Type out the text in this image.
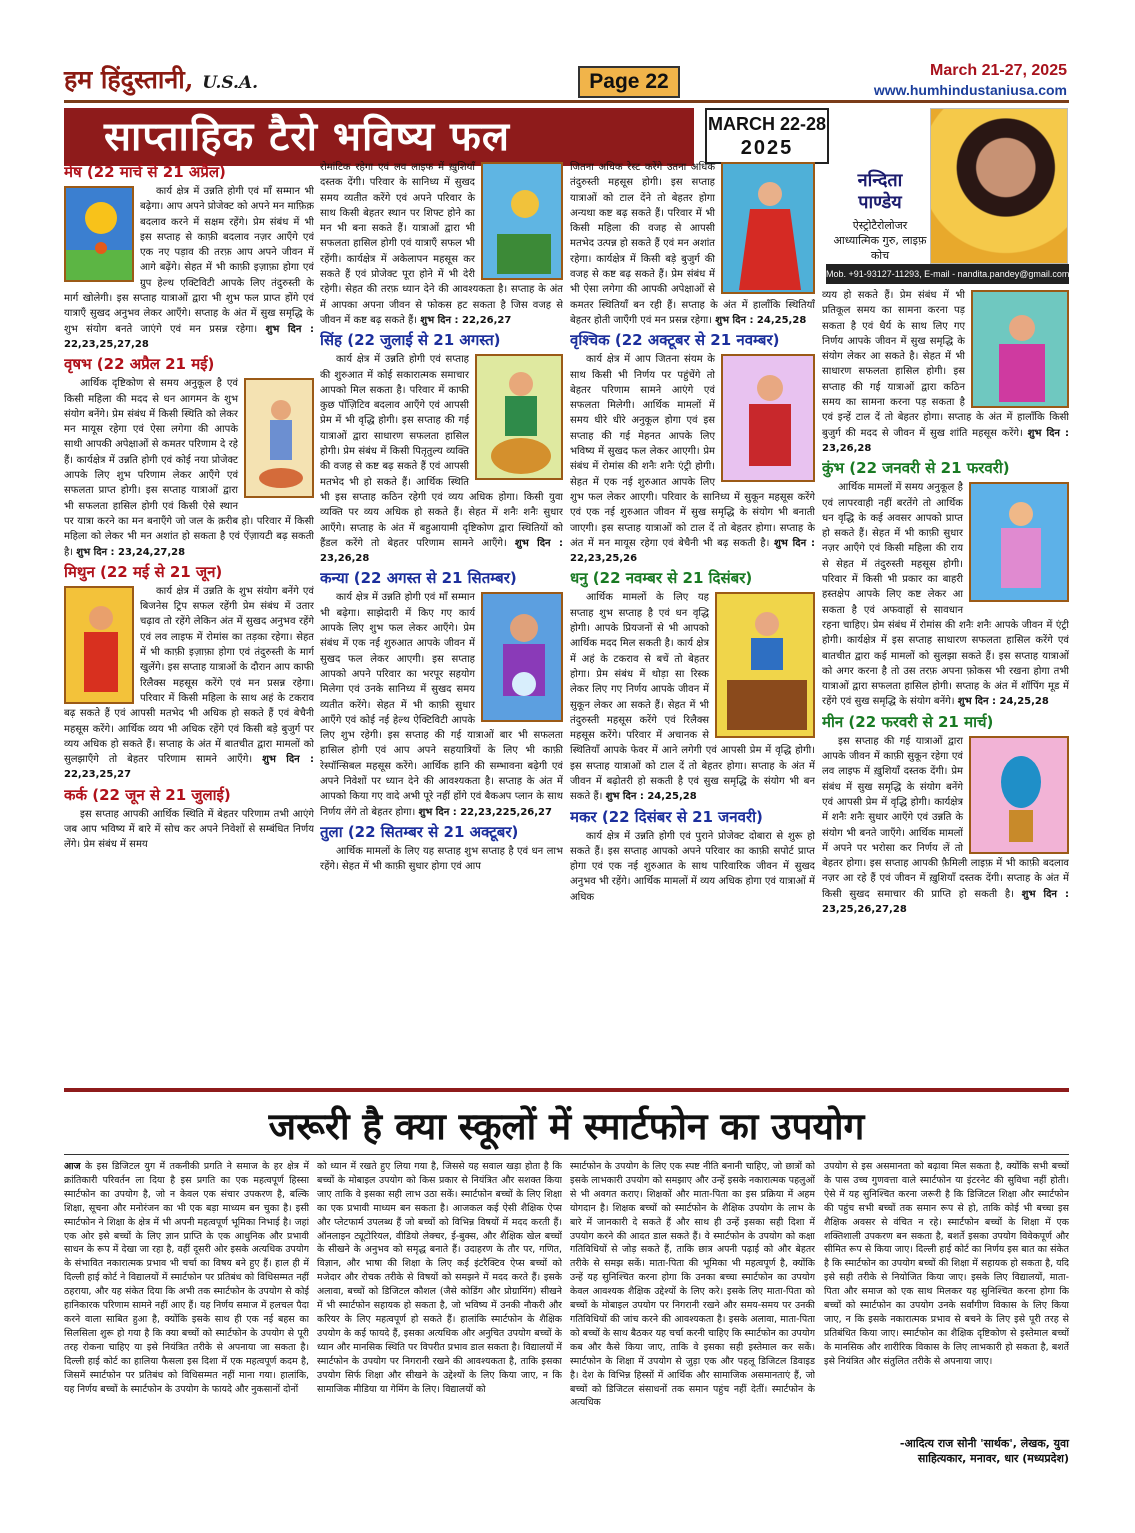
हम हिंदुस्तानी, U.S.A.	Page 22	March 21-27, 2025
www.humhindustaniusa.com
साप्ताहिक टैरो भविष्य फल	MARCH 22-28
2025
नन्दिता
पाण्डेय
ऐस्ट्रोटैरोलोजर आध्यात्मिक गुरु, लाइफ़ कोच
Mob. +91-93127-11293, E-mail - nandita.pandey@gmail.com
मेष (22 मार्च से 21 अप्रैल)

कार्य क्षेत्र में उन्नति होगी एवं माँ सम्मान भी बढ़ेगा। आप अपने प्रोजेक्ट को अपने मन माफ़िक़ बदलाव करने में सक्षम रहेंगे। प्रेम संबंध में भी इस सप्ताह से काफ़ी बदलाव नज़र आएँगे एवं एक नए पड़ाव की तरफ़ आप अपने जीवन में आगे बढ़ेंगे। सेहत में भी काफ़ी इज़ाफ़ा होगा एवं ग्रुप हेल्थ एक्टिविटी आपके लिए तंदुरुस्ती के मार्ग खोलेगी। इस सप्ताह यात्राओं द्वारा भी शुभ फल प्राप्त होंगे एवं यात्राएँ सुखद अनुभव लेकर आएँगे। सप्ताह के अंत में सुख समृद्धि के शुभ संयोग बनते जाएंगे एवं मन प्रसन्न रहेगा। शुभ दिन : 22,23,25,27,28

वृषभ (22 अप्रैल 21 मई)

आर्थिक दृष्टिकोण से समय अनुकूल है एवं किसी महिला की मदद से धन आगमन के शुभ संयोग बनेंगे। प्रेम संबंध में किसी स्थिति को लेकर मन मायूस रहेगा एवं ऐसा लगेगा की आपके साथी आपकी अपेक्षाओं से कमतर परिणाम दे रहे हैं। कार्यक्षेत्र में उन्नति होगी एवं कोई नया प्रोजेक्ट आपके लिए शुभ परिणाम लेकर आएँगे एवं सफलता प्राप्त होगी। इस सप्ताह यात्राओं द्वारा भी सफलता हासिल होगी एवं किसी ऐसे स्थान पर यात्रा करने का मन बनाएँगे जो जल के क़रीब हो। परिवार में किसी महिला को लेकर भी मन अशांत हो सकता है एवं ऐंज़ायटी बढ़ सकती है। शुभ दिन : 23,24,27,28

मिथुन (22 मई से 21 जून)

कार्य क्षेत्र में उन्नति के शुभ संयोग बनेंगे एवं बिजनेस ट्रिप सफल रहेंगी प्रेम संबंध में उतार चढ़ाव तो रहेंगे लेकिन अंत में सुखद अनुभव रहेंगे एवं लव लाइफ में रोमांस का तड़का रहेगा। सेहत में भी काफ़ी इज़ाफ़ा होगा एवं तंदुरुस्ती के मार्ग खुलेंगे। इस सप्ताह यात्राओं के दौरान आप काफी रिलैक्स महसूस करेंगे एवं मन प्रसन्न रहेगा। परिवार में किसी महिला के साथ अहं के टकराव बढ़ सकते हैं एवं आपसी मतभेद भी अधिक हो सकते हैं एवं बेचैनी महसूस करेंगे। आर्थिक व्यय भी अधिक रहेंगे एवं किसी बड़े बुजुर्ग पर व्यय अधिक हो सकते हैं। सप्ताह के अंत में बातचीत द्वारा मामलों को सुलझाएँगे तो बेहतर परिणाम सामने आएँगे। शुभ दिन : 22,23,25,27

कर्क (22 जून से 21 जुलाई)

इस सप्ताह आपकी आर्थिक स्थिति में बेहतर परिणाम तभी आएंगे जब आप भविष्य में बारे में सोच कर अपने निवेशों से सम्बंधित निर्णय लेंगे। प्रेम संबंध में समय

रोमांटिक रहेगा एवं लव लाइफ में ख़ुशियाँ दस्तक देंगी। परिवार के सानिध्य में सुखद समय व्यतीत करेंगे एवं अपने परिवार के साथ किसी बेहतर स्थान पर शिफ्ट होने का मन भी बना सकते हैं। यात्राओं द्वारा भी सफलता हासिल होगी एवं यात्राएँ सफल भी रहेंगी। कार्यक्षेत्र में अकेलापन महसूस कर सकते हैं एवं प्रोजेक्ट पूरा होने में भी देरी रहेगी। सेहत की तरफ़ ध्यान देने की आवश्यकता है। सप्ताह के अंत में आपका अपना जीवन से फोकस हट सकता है जिस वजह से जीवन में कष्ट बढ़ सकते हैं। शुभ दिन : 22,26,27

सिंह (22 जुलाई से 21 अगस्त)

कार्य क्षेत्र में उन्नति होगी एवं सप्ताह की शुरुआत में कोई सकारात्मक समाचार आपको मिल सकता है। परिवार में काफी कुछ पॉज़िटिव बदलाव आएँगे एवं आपसी प्रेम में भी वृद्धि होगी। इस सप्ताह की गई यात्राओं द्वारा साधारण सफलता हासिल होगी। प्रेम संबंध में किसी पितृतुल्य व्यक्ति की वजह से कष्ट बढ़ सकते हैं एवं आपसी मतभेद भी हो सकते हैं। आर्थिक स्थिति भी इस सप्ताह कठिन रहेगी एवं व्यय अधिक होगा। किसी युवा व्यक्ति पर व्यय अधिक हो सकते हैं। सेहत में शनैः शनैः सुधार आएँगे। सप्ताह के अंत में बहुआयामी दृष्टिकोण द्वारा स्थितियों को हैंडल करेंगे तो बेहतर परिणाम सामने आएँगे। शुभ दिन : 23,26,28

कन्या (22 अगस्त से 21 सितम्बर)

कार्य क्षेत्र में उन्नति होगी एवं माँ सम्मान भी बढ़ेगा। साझेदारी में किए गए कार्य आपके लिए शुभ फल लेकर आएँगे। प्रेम संबंध में एक नई शुरुआत आपके जीवन में सुखद फल लेकर आएगी। इस सप्ताह आपको अपने परिवार का भरपूर सहयोग मिलेगा एवं उनके सानिध्य में सुखद समय व्यतीत करेंगे। सेहत में भी काफ़ी सुधार आएँगे एवं कोई नई हेल्थ ऐक्टिविटी आपके लिए शुभ रहेगी। इस सप्ताह की गई यात्राओं बार भी सफलता हासिल होगी एवं आप अपने सहयात्रियों के लिए भी काफ़ी रेस्पॉन्सिबल महसूस करेंगे। आर्थिक हानि की सम्भावना बढ़ेगी एवं अपने निवेशों पर ध्यान देने की आवश्यकता है। सप्ताह के अंत में आपको किया गए वादे अभी पूरे नहीं होंगे एवं बैकअप प्लान के साथ निर्णय लेंगे तो बेहतर होगा। शुभ दिन : 22,23,225,26,27

तुला (22 सितम्बर से 21 अक्टूबर)

आर्थिक मामलों के लिए यह सप्ताह शुभ सप्ताह है एवं धन लाभ रहेंगे। सेहत में भी काफ़ी सुधार होगा एवं आप

जितना अधिक रेस्ट करेंगे उतना अधिक तंदुरुस्ती महसूस होगी। इस सप्ताह यात्राओं को टाल देंने तो बेहतर होगा अन्यथा कष्ट बढ़ सकते हैं। परिवार में भी किसी महिला की वजह से आपसी मतभेद उत्पन्न हो सकते हैं एवं मन अशांत रहेगा। कार्यक्षेत्र में किसी बड़े बुजुर्ग की वजह से कष्ट बढ़ सकते हैं। प्रेम संबंध में भी ऐसा लगेगा की आपकी अपेक्षाओं से कमतर स्थितियाँ बन रही हैं। सप्ताह के अंत में हालाँकि स्थितियाँ बेहतर होती जाएँगी एवं मन प्रसन्न रहेगा। शुभ दिन : 24,25,28

वृश्चिक (22 अक्टूबर से 21 नवम्बर)

कार्य क्षेत्र में आप जितना संयम के साथ किसी भी निर्णय पर पहुंचेंगे तो बेहतर परिणाम सामने आएंगे एवं सफलता मिलेगी। आर्थिक मामलों में समय धीरे धीरे अनुकूल होगा एवं इस सप्ताह की गई मेहनत आपके लिए भविष्य में सुखद फल लेकर आएगी। प्रेम संबंध में रोमांस की शनैः शनैः एंट्री होगी। सेहत में एक नई शुरुआत आपके लिए शुभ फल लेकर आएगी। परिवार के सानिध्य में सुकून महसूस करेंगे एवं एक नई शुरुआत जीवन में सुख समृद्धि के संयोग भी बनाती जाएगी। इस सप्ताह यात्राओं को टाल दें तो बेहतर होगा। सप्ताह के अंत में मन मायूस रहेगा एवं बेचैनी भी बढ़ सकती है। शुभ दिन : 22,23,25,26

धनु (22 नवम्बर से 21 दिसंबर)

आर्थिक मामलों के लिए यह सप्ताह शुभ सप्ताह है एवं धन वृद्धि होगी। आपके प्रियजनों से भी आपको आर्थिक मदद मिल सकती है। कार्य क्षेत्र में अहं के टकराव से बचें तो बेहतर होगा। प्रेम संबंध में थोड़ा सा रिस्क लेकर लिए गए निर्णय आपके जीवन में सुकून लेकर आ सकते हैं। सेहत में भी तंदुरुस्ती महसूस करेंगे एवं रिलैक्स महसूस करेंगे। परिवार में अचानक से स्थितियाँ आपके फेवर में आने लगेगी एवं आपसी प्रेम में वृद्धि होगी। इस सप्ताह यात्राओं को टाल दें तो बेहतर होगा। सप्ताह के अंत में जीवन में बढ़ोतरी हो सकती है एवं सुख समृद्धि के संयोग भी बन सकते हैं। शुभ दिन : 24,25,28

मकर (22 दिसंबर से 21 जनवरी)

कार्य क्षेत्र में उन्नति होगी एवं पुराने प्रोजेक्ट दोबारा से शुरू हो सकते हैं। इस सप्ताह आपको अपने परिवार का काफ़ी सपोर्ट प्राप्त होगा एवं एक नई शुरुआत के साथ पारिवारिक जीवन में सुखद अनुभव भी रहेंगे। आर्थिक मामलों में व्यय अधिक होगा एवं यात्राओं में अधिक

व्यय हो सकते हैं। प्रेम संबंध में भी प्रतिकूल समय का सामना करना पड़ सकता है एवं धैर्य के साथ लिए गए निर्णय आपके जीवन में सुख समृद्धि के संयोग लेकर आ सकते है। सेहत में भी साधारण सफलता हासिल होगी। इस सप्ताह की गई यात्राओं द्वारा कठिन समय का सामना करना पड़ सकता है एवं इन्हें टाल दें तो बेहतर होगा। सप्ताह के अंत में हालाँकि किसी बुजुर्ग की मदद से जीवन में सुख शांति महसूस करेंगे। शुभ दिन : 23,26,28

कुंभ (22 जनवरी से 21 फरवरी)

आर्थिक मामलों में समय अनुकूल है एवं लापरवाही नहीं बरतेंगे तो आर्थिक धन वृद्धि के कई अवसर आपको प्राप्त हो सकते हैं। सेहत में भी काफ़ी सुधार नज़र आएँगे एवं किसी महिला की राय से सेहत में तंदुरुस्ती महसूस होगी। परिवार में किसी भी प्रकार का बाहरी हस्तक्षेप आपके लिए कष्ट लेकर आ सकता है एवं अफवाहों से सावधान रहना चाहिए। प्रेम संबंध में रोमांस की शनैः शनैः आपके जीवन में एंट्री होगी। कार्यक्षेत्र में इस सप्ताह साधारण सफलता हासिल करेंगे एवं बातचीत द्वारा कई मामलों को सुलझा सकते हैं। इस सप्ताह यात्राओं को अगर करना है तो उस तरफ़ अपना फ़ोकस भी रखना होगा तभी यात्राओं द्वारा सफलता हासिल होगी। सप्ताह के अंत में शॉपिंग मूड में रहेंगे एवं सुख समृद्धि के संयोग बनेंगे। शुभ दिन : 24,25,28

मीन (22 फरवरी से 21 मार्च)

इस सप्ताह की गई यात्राओं द्वारा आपके जीवन में काफ़ी सुकून रहेगा एवं लव लाइफ में ख़ुशियाँ दस्तक देंगी। प्रेम संबंध में सुख समृद्धि के संयोग बनेंगे एवं आपसी प्रेम में वृद्धि होगी। कार्यक्षेत्र में शनैः शनैः सुधार आएँगे एवं उन्नति के संयोग भी बनते जाएँगे। आर्थिक मामलों में अपने पर भरोसा कर निर्णय लें तो बेहतर होगा। इस सप्ताह आपकी फ़ैमिली लाइफ़ में भी काफ़ी बदलाव नज़र आ रहे हैं एवं जीवन में ख़ुशियाँ दस्तक देंगी। सप्ताह के अंत में किसी सुखद समाचार की प्राप्ति हो सकती है। शुभ दिन : 23,25,26,27,28

जरूरी है क्या स्कूलों में स्मार्टफोन का उपयोग
आज के इस डिजिटल युग में तकनीकी प्रगति ने समाज के हर क्षेत्र में क्रांतिकारी परिवर्तन ला दिया है इस प्रगति का एक महत्वपूर्ण हिस्सा स्मार्टफोन का उपयोग है, जो न केवल एक संचार उपकरण है, बल्कि शिक्षा, सूचना और मनोरंजन का भी एक बड़ा माध्यम बन चुका है। इसी स्मार्टफोन ने शिक्षा के क्षेत्र में भी अपनी महत्वपूर्ण भूमिका निभाई है। जहां एक ओर इसे बच्चों के लिए ज्ञान प्राप्ति के एक आधुनिक और प्रभावी साधन के रूप में देखा जा रहा है, वहीं दूसरी ओर इसके अत्यधिक उपयोग के संभावित नकारात्मक प्रभाव भी चर्चा का विषय बने हुए हैं। हाल ही में दिल्ली हाई कोर्ट ने विद्यालयों में स्मार्टफोन पर प्रतिबंध को विधिसम्मत नहीं ठहराया, और यह संकेत दिया कि अभी तक स्मार्टफोन के उपयोग से कोई हानिकारक परिणाम सामने नहीं आए हैं। यह निर्णय समाज में हलचल पैदा करने वाला साबित हुआ है, क्योंकि इसके साथ ही एक नई बहस का सिलसिला शुरू हो गया है कि क्या बच्चों को स्मार्टफोन के उपयोग से पूरी तरह रोकना चाहिए या इसे नियंत्रित तरीके से अपनाया जा सकता है। दिल्ली हाई कोर्ट का हालिया फैसला इस दिशा में एक महत्वपूर्ण कदम है, जिसमें स्मार्टफोन पर प्रतिबंध को विधिसम्मत नहीं माना गया। हालांकि, यह निर्णय बच्चों के स्मार्टफोन के उपयोग के फायदे और नुकसानों दोनों
को ध्यान में रखते हुए लिया गया है, जिससे यह सवाल खड़ा होता है कि बच्चों के मोबाइल उपयोग को किस प्रकार से नियंत्रित और सशक्त किया जाए ताकि वे इसका सही लाभ उठा सकें। स्मार्टफोन बच्चों के लिए शिक्षा का एक प्रभावी माध्यम बन सकता है। आजकल कई ऐसी शैक्षिक ऐप्स और प्लेटफार्म उपलब्ध हैं जो बच्चों को विभिन्न विषयों में मदद करती हैं। ऑनलाइन ट्यूटोरियल, वीडियो लेक्चर, ई-बुक्स, और शैक्षिक खेल बच्चों के सीखने के अनुभव को समृद्ध बनाते हैं। उदाहरण के तौर पर, गणित, विज्ञान, और भाषा की शिक्षा के लिए कई इंटरैक्टिव ऐप्स बच्चों को मजेदार और रोचक तरीके से विषयों को समझने में मदद करते हैं। इसके अलावा, बच्चों को डिजिटल कौशल (जैसे कोडिंग और प्रोग्रामिंग) सीखने में भी स्मार्टफोन सहायक हो सकता है, जो भविष्य में उनकी नौकरी और करियर के लिए महत्वपूर्ण हो सकते हैं। हालांकि स्मार्टफोन के शैक्षिक उपयोग के कई फायदे हैं, इसका अत्यधिक और अनुचित उपयोग बच्चों के ध्यान और मानसिक स्थिति पर विपरीत प्रभाव डाल सकता है। विद्यालयों में स्मार्टफोन के उपयोग पर निगरानी रखने की आवश्यकता है, ताकि इसका उपयोग सिर्फ शिक्षा और सीखने के उद्देश्यों के लिए किया जाए, न कि सामाजिक मीडिया या गेमिंग के लिए। विद्यालयों को
स्मार्टफोन के उपयोग के लिए एक स्पष्ट नीति बनानी चाहिए, जो छात्रों को इसके लाभकारी उपयोग को समझाए और उन्हें इसके नकारात्मक पहलुओं से भी अवगत कराए। शिक्षकों और माता-पिता का इस प्रक्रिया में अहम योगदान है। शिक्षक बच्चों को स्मार्टफोन के शैक्षिक उपयोग के लाभ के बारे में जानकारी दे सकते हैं और साथ ही उन्हें इसका सही दिशा में उपयोग करने की आदत डाल सकते हैं। वे स्मार्टफोन के उपयोग को कक्षा गतिविधियों से जोड़ सकते हैं, ताकि छात्र अपनी पढ़ाई को और बेहतर तरीके से समझ सकें। माता-पिता की भूमिका भी महत्वपूर्ण है, क्योंकि उन्हें यह सुनिश्चित करना होगा कि उनका बच्चा स्मार्टफोन का उपयोग केवल आवश्यक शैक्षिक उद्देश्यों के लिए करे। इसके लिए माता-पिता को बच्चों के मोबाइल उपयोग पर निगरानी रखने और समय-समय पर उनकी गतिविधियों की जांच करने की आवश्यकता है। इसके अलावा, माता-पिता को बच्चों के साथ बैठकर यह चर्चा करनी चाहिए कि स्मार्टफोन का उपयोग कब और कैसे किया जाए, ताकि वे इसका सही इस्तेमाल कर सकें। स्मार्टफोन के शिक्षा में उपयोग से जुड़ा एक और पहलू डिजिटल डिवाइड है। देश के विभिन्न हिस्सों में आर्थिक और सामाजिक असमानताएं हैं, जो बच्चों को डिजिटल संसाधनों तक समान पहुंच नहीं देतीं। स्मार्टफोन के अत्यधिक
उपयोग से इस असमानता को बढ़ावा मिल सकता है, क्योंकि सभी बच्चों के पास उच्च गुणवत्ता वाले स्मार्टफोन या इंटरनेट की सुविधा नहीं होती। ऐसे में यह सुनिश्चित करना जरूरी है कि डिजिटल शिक्षा और स्मार्टफोन की पहुंच सभी बच्चों तक समान रूप से हो, ताकि कोई भी बच्चा इस शैक्षिक अवसर से वंचित न रहे। स्मार्टफोन बच्चों के शिक्षा में एक शक्तिशाली उपकरण बन सकता है, बशर्ते इसका उपयोग विवेकपूर्ण और सीमित रूप से किया जाए। दिल्ली हाई कोर्ट का निर्णय इस बात का संकेत है कि स्मार्टफोन का उपयोग बच्चों की शिक्षा में सहायक हो सकता है, यदि इसे सही तरीके से नियोजित किया जाए। इसके लिए विद्यालयों, माता-पिता और समाज को एक साथ मिलकर यह सुनिश्चित करना होगा कि बच्चों को स्मार्टफोन का उपयोग उनके सर्वांगीण विकास के लिए किया जाए, न कि इसके नकारात्मक प्रभाव से बचने के लिए इसे पूरी तरह से प्रतिबंधित किया जाए। स्मार्टफोन का शैक्षिक दृष्टिकोण से इस्तेमाल बच्चों के मानसिक और शारीरिक विकास के लिए लाभकारी हो सकता है, बशर्ते इसे नियंत्रित और संतुलित तरीके से अपनाया जाए।
-आदित्य राज सोनी 'सार्थक', लेखक, युवा
साहित्यकार, मनावर, धार (मध्यप्रदेश)
